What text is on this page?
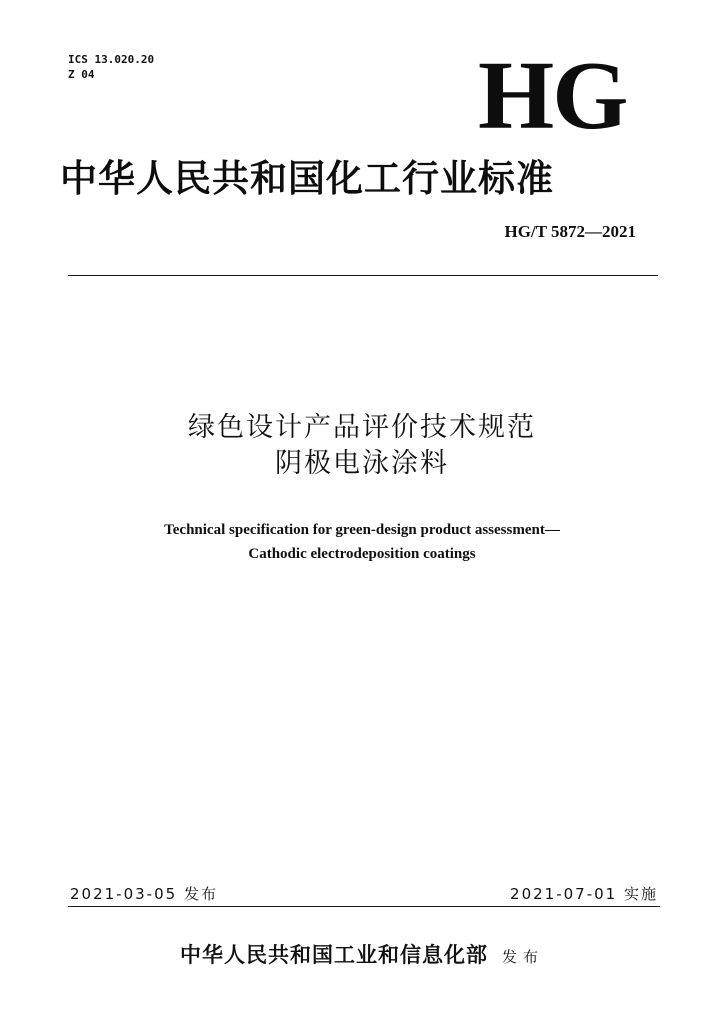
ICS 13.020.20
Z 04	HG
中华人民共和国化工行业标准
HG/T 5872—2021
绿色设计产品评价技术规范
阴极电泳涂料
Technical specification for green-design product assessment—
Cathodic electrodeposition coatings
2021-03-05 发布	2021-07-01 实施
中华人民共和国工业和信息化部 发布
